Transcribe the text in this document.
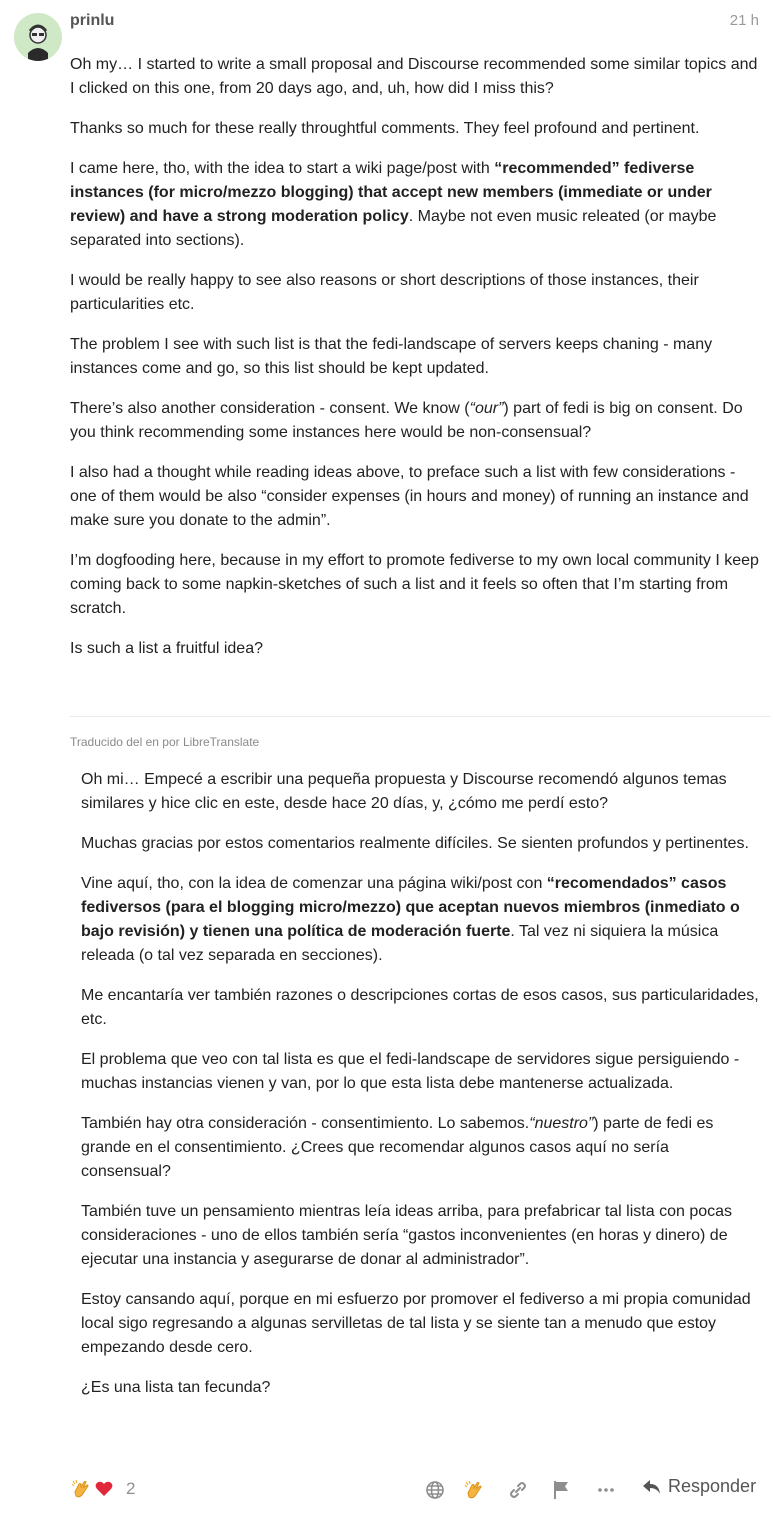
prinlu	21 h

Oh my… I started to write a small proposal and Discourse recommended some similar topics and I clicked on this one, from 20 days ago, and, uh, how did I miss this?

Thanks so much for these really throughtful comments. They feel profound and pertinent.

I came here, tho, with the idea to start a wiki page/post with “recommended” fediverse instances (for micro/mezzo blogging) that accept new members (immediate or under review) and have a strong moderation policy. Maybe not even music releated (or maybe separated into sections).

I would be really happy to see also reasons or short descriptions of those instances, their particularities etc.

The problem I see with such list is that the fedi-landscape of servers keeps chaning - many instances come and go, so this list should be kept updated.

There’s also another consideration - consent. We know (“our”) part of fedi is big on consent. Do you think recommending some instances here would be non-consensual?

I also had a thought while reading ideas above, to preface such a list with few considerations - one of them would be also “consider expenses (in hours and money) of running an instance and make sure you donate to the admin”.

I’m dogfooding here, because in my effort to promote fediverse to my own local community I keep coming back to some napkin-sketches of such a list and it feels so often that I’m starting from scratch.

Is such a list a fruitful idea?

Traducido del en por LibreTranslate

Oh mi… Empecé a escribir una pequeña propuesta y Discourse recomendó algunos temas similares y hice clic en este, desde hace 20 días, y, ¿cómo me perdí esto?

Muchas gracias por estos comentarios realmente difíciles. Se sienten profundos y pertinentes.

Vine aquí, tho, con la idea de comenzar una página wiki/post con “recomendados” casos fediversos (para el blogging micro/mezzo) que aceptan nuevos miembros (inmediato o bajo revisión) y tienen una política de moderación fuerte. Tal vez ni siquiera la música releada (o tal vez separada en secciones).

Me encantaría ver también razones o descripciones cortas de esos casos, sus particularidades, etc.

El problema que veo con tal lista es que el fedi-landscape de servidores sigue persiguiendo - muchas instancias vienen y van, por lo que esta lista debe mantenerse actualizada.

También hay otra consideración - consentimiento. Lo sabemos.“nuestro”) parte de fedi es grande en el consentimiento. ¿Crees que recomendar algunos casos aquí no sería consensual?

También tuve un pensamiento mientras leía ideas arriba, para prefabricar tal lista con pocas consideraciones - uno de ellos también sería “gastos inconvenientes (en horas y dinero) de ejecutar una instancia y asegurarse de donar al administrador”.

Estoy cansando aquí, porque en mi esfuerzo por promover el fediverso a mi propia comunidad local sigo regresando a algunas servilletas de tal lista y se siente tan a menudo que estoy empezando desde cero.

¿Es una lista tan fecunda?

2	Responder
